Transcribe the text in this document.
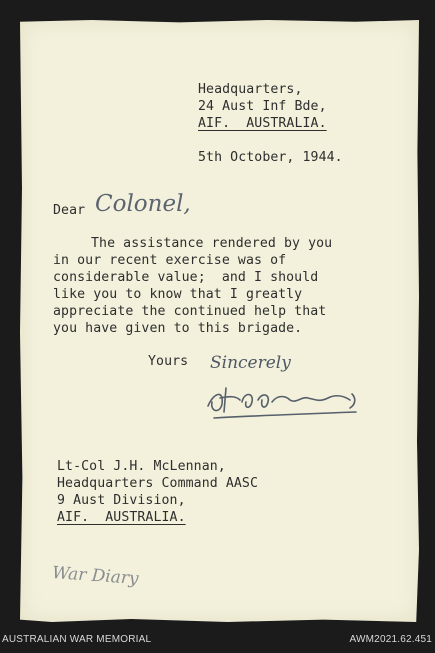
Headquarters,

24 Aust Inf Bde,

AIF.  AUSTRALIA.

5th October, 1944.

Dear Colonel,

The assistance rendered by you

in our recent exercise was of

considerable value;  and I should

like you to know that I greatly

appreciate the continued help that

you have given to this brigade.

Yours Sincerely

Lt-Col J.H. McLennan,

Headquarters Command AASC

9 Aust Division,

AIF.  AUSTRALIA.

War Diary
AUSTRALIAN WAR MEMORIAL	AWM2021.62.451
